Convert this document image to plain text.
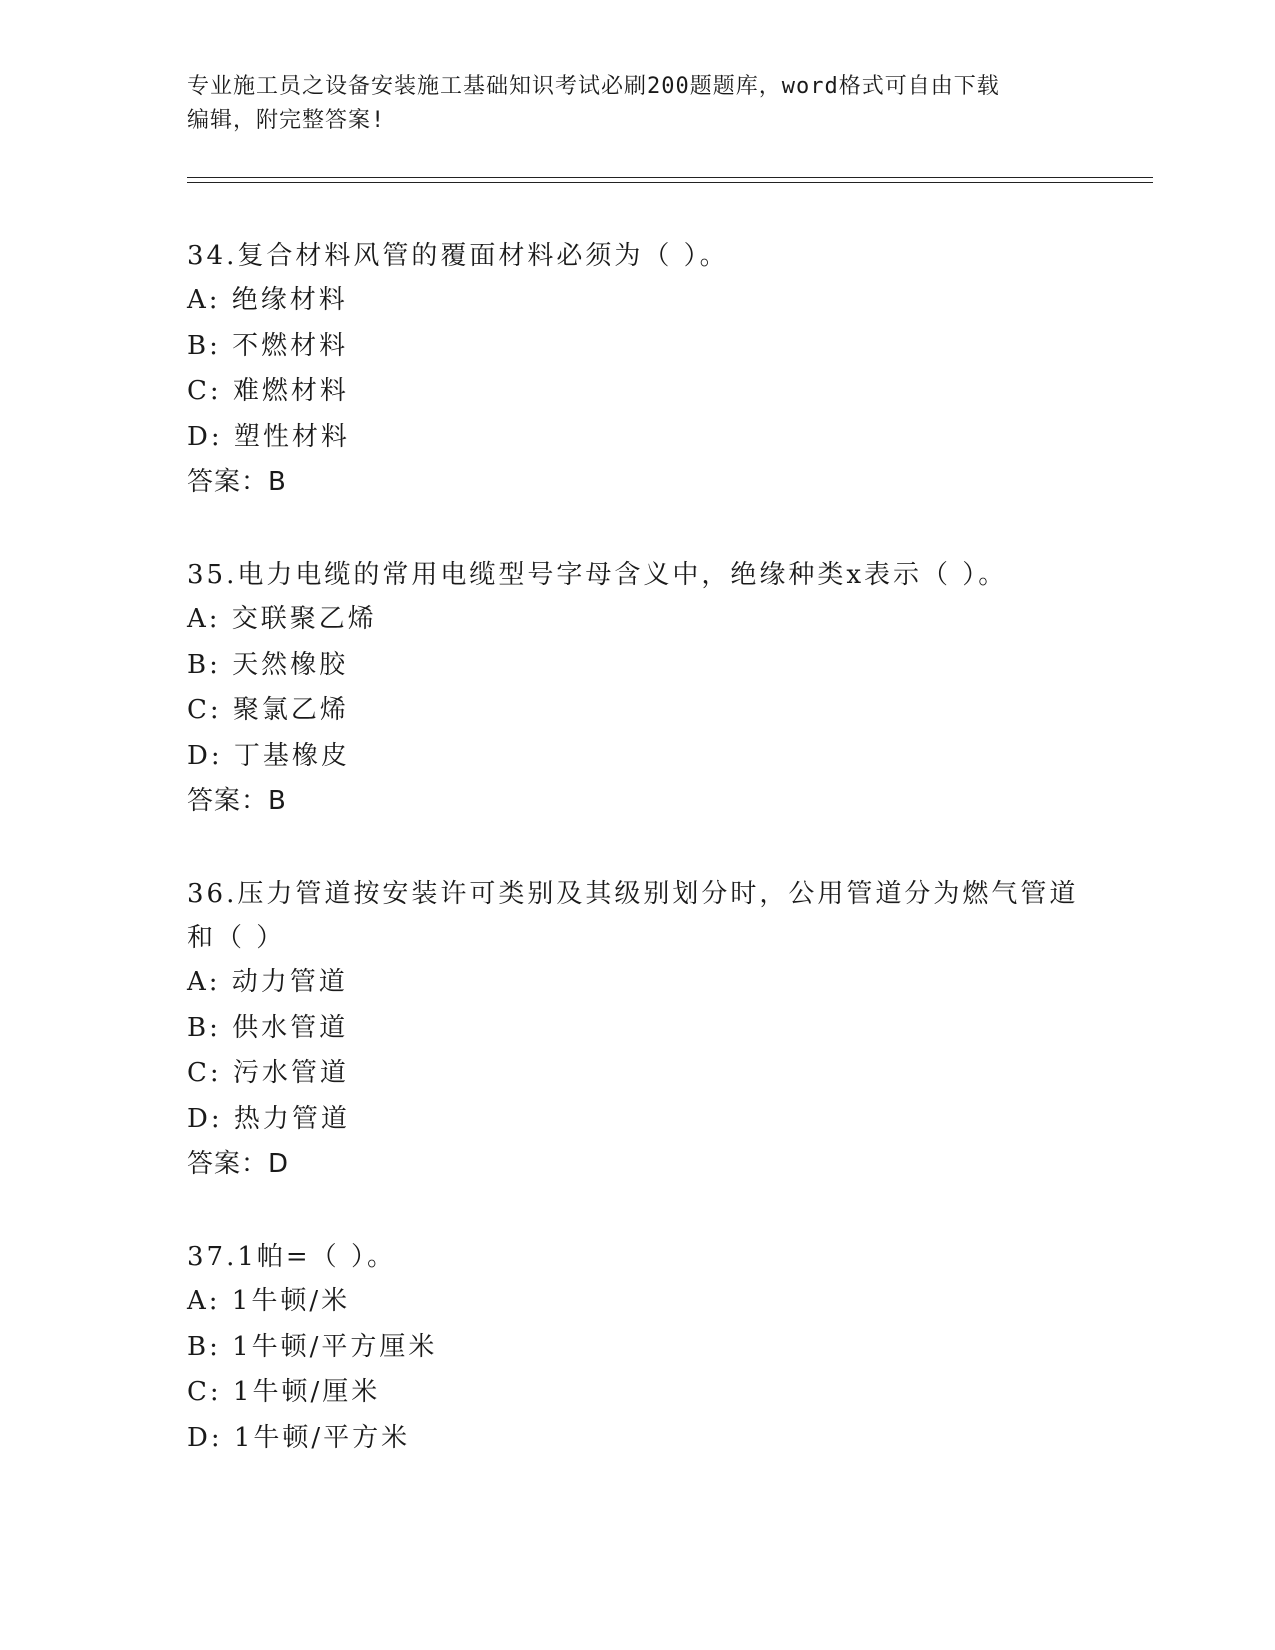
专业施工员之设备安装施工基础知识考试必刷200题题库，word格式可自由下载
编辑，附完整答案!

34.复合材料风管的覆面材料必须为（ ）。

A: 绝缘材料

B: 不燃材料

C: 难燃材料

D: 塑性材料

答案：B

35.电力电缆的常用电缆型号字母含义中，绝缘种类x表示（ ）。

A: 交联聚乙烯

B: 天然橡胶

C: 聚氯乙烯

D: 丁基橡皮

答案：B

36.压力管道按安装许可类别及其级别划分时，公用管道分为燃气管道

和（ ）

A: 动力管道

B: 供水管道

C: 污水管道

D: 热力管道

答案：D

37.1帕=（ ）。

A: 1牛顿/米

B: 1牛顿/平方厘米

C: 1牛顿/厘米

D: 1牛顿/平方米
